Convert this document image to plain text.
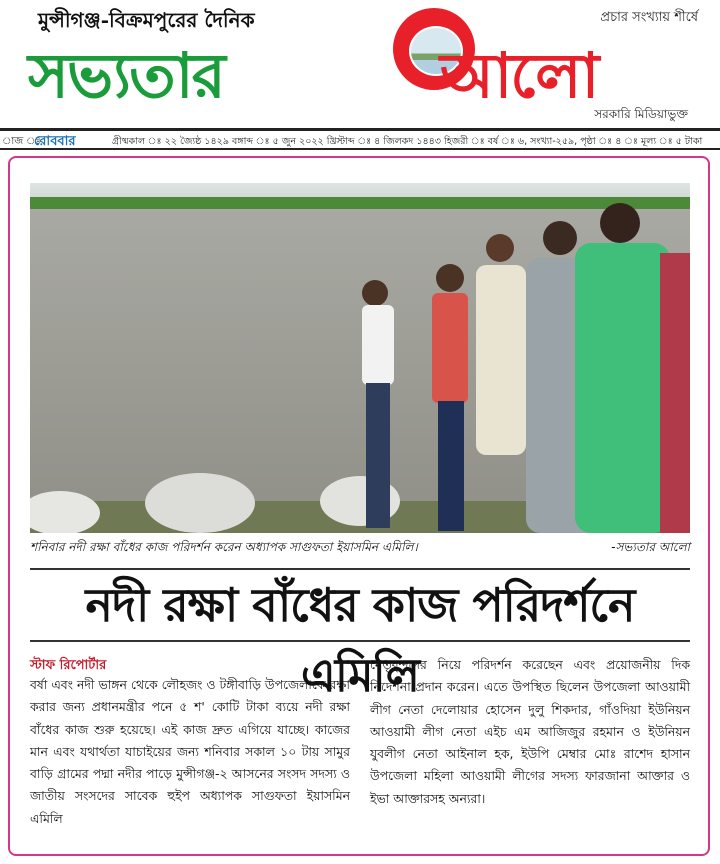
মুন্সীগঞ্জ-বিক্রমপুরের দৈনিক	প্রচার সংখ্যায় শীর্ষে
সভ্যতার	আলো
সরকারি মিডিয়াভুক্ত
াজ ঃ
রোববার	গ্রীষ্মকাল ঃ ২২ জ্যৈষ্ঠ ১৪২৯ বঙ্গাব্দ ঃ ৫ জুন ২০২২ খ্রিস্টাব্দ ঃ ৪ জিলকদ ১৪৪৩ হিজরী ঃ বর্ষ ঃ ৬, সংখ্যা-২৫৯, পৃষ্ঠা ঃ ৪ ঃ মূল্য ঃ ৫ টাকা
শনিবার নদী রক্ষা বাঁধের কাজ পরিদর্শন করেন অধ্যাপক সাগুফতা ইয়াসমিন এমিলি।	-সভ্যতার আলো
নদী রক্ষা বাঁধের কাজ পরিদর্শনে এমিলি
স্টাফ রিপোর্টার
বর্ষা এবং নদী ভাঙ্গন থেকে লৌহজং ও টঙ্গীবাড়ি উপজেলাকে রক্ষা করার জন্য প্রধানমন্ত্রীর পনে ৫ শ' কোটি টাকা ব্যয়ে নদী রক্ষা বাঁধের কাজ শুরু হয়েছে। এই কাজ দ্রুত এগিয়ে যাচ্ছে। কাজের মান এবং যথার্থতা যাচাইয়ের জন্য শনিবার সকাল ১০ টায় সামুর বাড়ি গ্রামের পদ্মা নদীর পাড়ে মুন্সীগঞ্জ-২ আসনের সংসদ সদস্য ও জাতীয় সংসদের সাবেক হুইপ অধ্যাপক সাগুফতা ইয়াসমিন এমিলি
নেতৃবৃন্দদের নিয়ে পরিদর্শন করেছেন এবং প্রয়োজনীয় দিক নির্দেশনা প্রদান করেন। এতে উপস্থিত ছিলেন উপজেলা আওয়ামী লীগ নেতা দেলোয়ার হোসেন দুলু শিকদার, গাঁওদিয়া ইউনিয়ন আওয়ামী লীগ নেতা এইচ এম আজিজুর রহমান ও ইউনিয়ন যুবলীগ নেতা আইনাল হক, ইউপি মেম্বার মোঃ রাশেদ হাসান উপজেলা মহিলা আওয়ামী লীগের সদস্য ফারজানা আক্তার ও ইভা আক্তারসহ অন্যরা।
